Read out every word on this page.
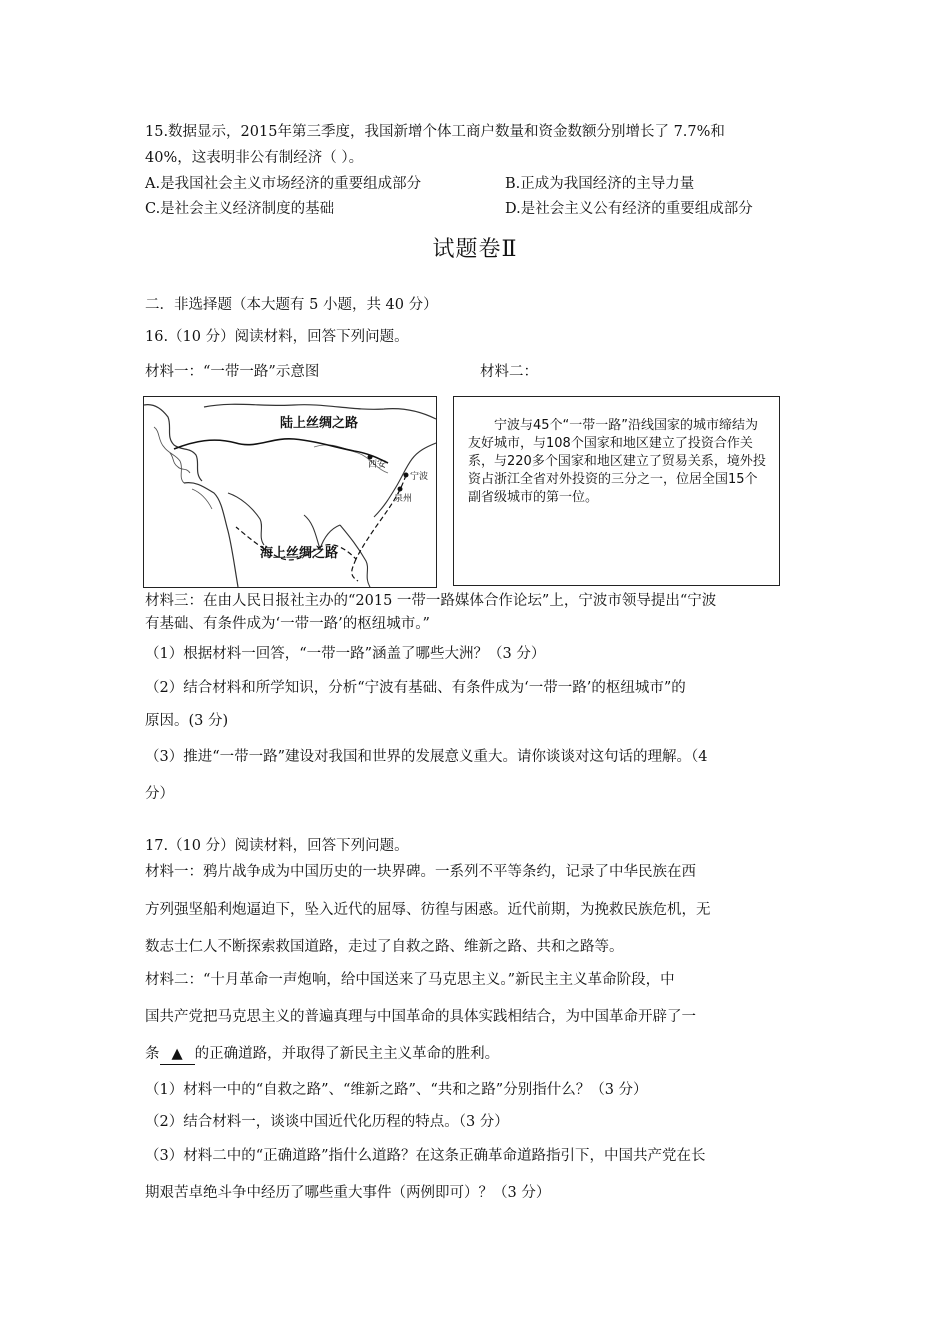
15.数据显示，2015年第三季度，我国新增个体工商户数量和资金数额分别增长了 7.7%和
40%，这表明非公有制经济（ ）。
A.是我国社会主义市场经济的重要组成部分	B.正成为我国经济的主导力量
C.是社会主义经济制度的基础	D.是社会主义公有经济的重要组成部分
试题卷Ⅱ
二．非选择题（本大题有 5 小题，共 40 分）
16.（10 分）阅读材料，回答下列问题。
材料一：“一带一路”示意图	材料二：
陆上丝绸之路
海上丝绸之路
西安
宁波
泉州

宁波与45个“一带一路”沿线国家的城市缔结为友好城市，与108个国家和地区建立了投资合作关系，与220多个国家和地区建立了贸易关系，境外投资占浙江全省对外投资的三分之一，位居全国15个副省级城市的第一位。

材料三：在由人民日报社主办的“2015 一带一路媒体合作论坛”上，宁波市领导提出“宁波
有基础、有条件成为‘一带一路’的枢纽城市。”
（1）根据材料一回答，“一带一路”涵盖了哪些大洲？（3 分）
（2）结合材料和所学知识，分析“宁波有基础、有条件成为‘一带一路’的枢纽城市”的
原因。(3 分)
（3）推进“一带一路”建设对我国和世界的发展意义重大。请你谈谈对这句话的理解。（4
分）
17.（10 分）阅读材料，回答下列问题。
材料一：鸦片战争成为中国历史的一块界碑。一系列不平等条约，记录了中华民族在西
方列强坚船利炮逼迫下，坠入近代的屈辱、彷徨与困惑。近代前期，为挽救民族危机，无
数志士仁人不断探索救国道路，走过了自救之路、维新之路、共和之路等。
材料二：“十月革命一声炮响，给中国送来了马克思主义。”新民主主义革命阶段，中
国共产党把马克思主义的普遍真理与中国革命的具体实践相结合，为中国革命开辟了一
条 ▲ 的正确道路，并取得了新民主主义革命的胜利。
（1）材料一中的“自救之路”、“维新之路”、“共和之路”分别指什么？（3 分）
（2）结合材料一，谈谈中国近代化历程的特点。（3 分）
（3）材料二中的“正确道路”指什么道路？在这条正确革命道路指引下，中国共产党在长
期艰苦卓绝斗争中经历了哪些重大事件（两例即可）？（3 分）
